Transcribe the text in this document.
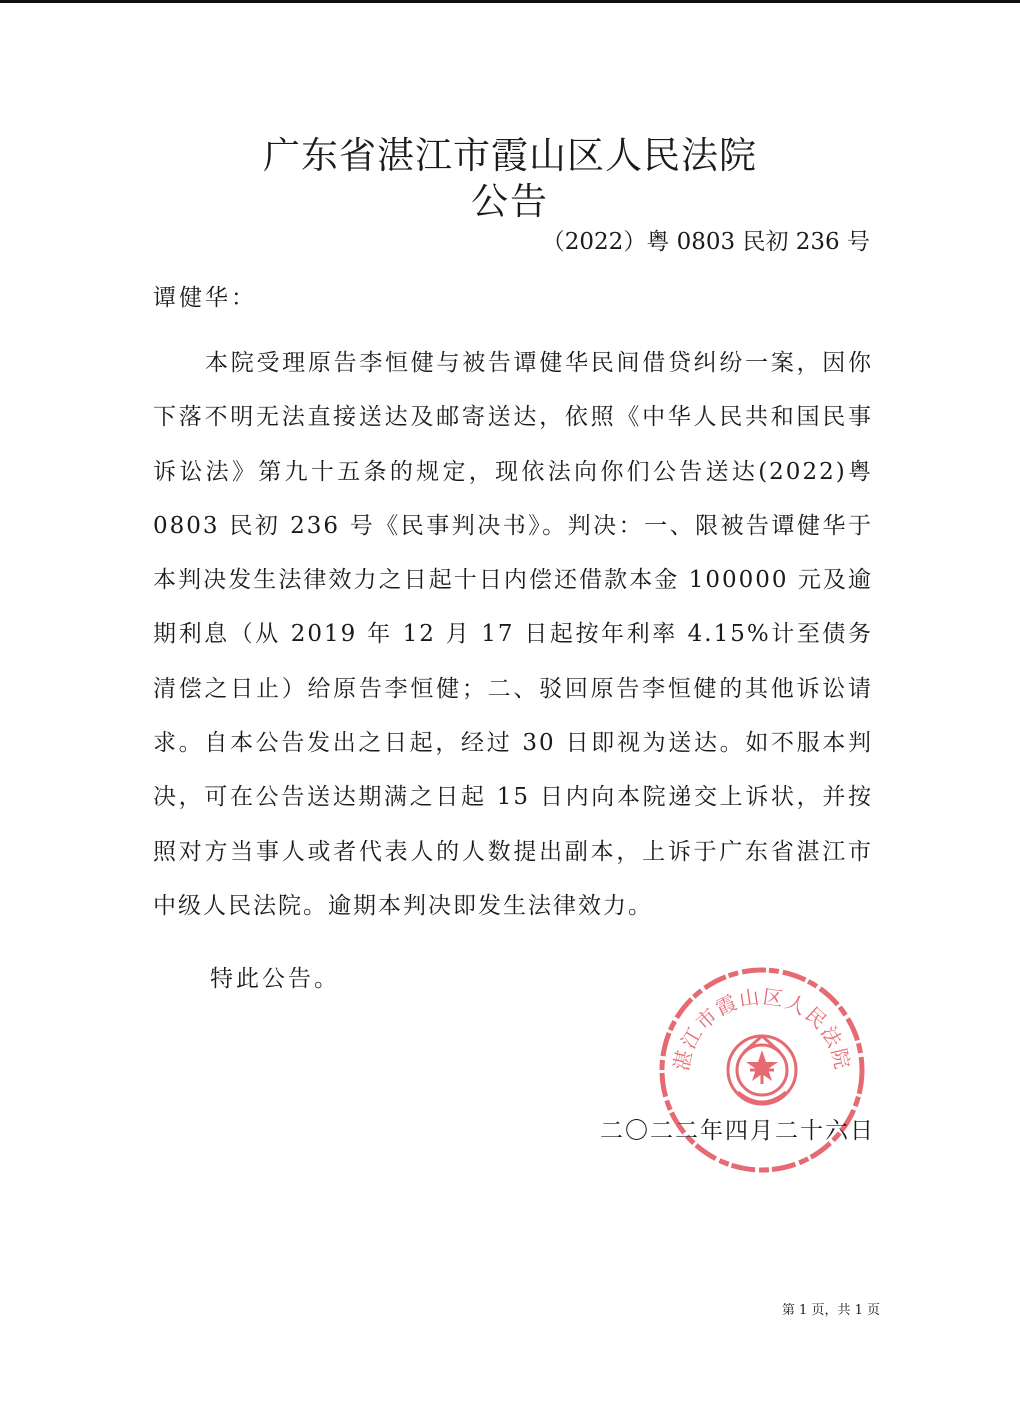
广东省湛江市霞山区人民法院
公告
（2022）粤 0803 民初 236 号
谭健华：

本院受理原告李恒健与被告谭健华民间借贷纠纷一案，因你下落不明无法直接送达及邮寄送达，依照《中华人民共和国民事诉讼法》第九十五条的规定，现依法向你们公告送达(2022)粤 0803 民初 236 号《民事判决书》。判决：一、限被告谭健华于本判决发生法律效力之日起十日内偿还借款本金 100000 元及逾期利息（从 2019 年 12 月 17 日起按年利率 4.15%计至债务清偿之日止）给原告李恒健；二、驳回原告李恒健的其他诉讼请求。自本公告发出之日起，经过 30 日即视为送达。如不服本判决，可在公告送达期满之日起 15 日内向本院递交上诉状，并按照对方当事人或者代表人的人数提出副本，上诉于广东省湛江市中级人民法院。逾期本判决即发生法律效力。

特此公告。
湛江市霞山区人民法院
二〇二二年四月二十六日
第 1 页，共 1 页
